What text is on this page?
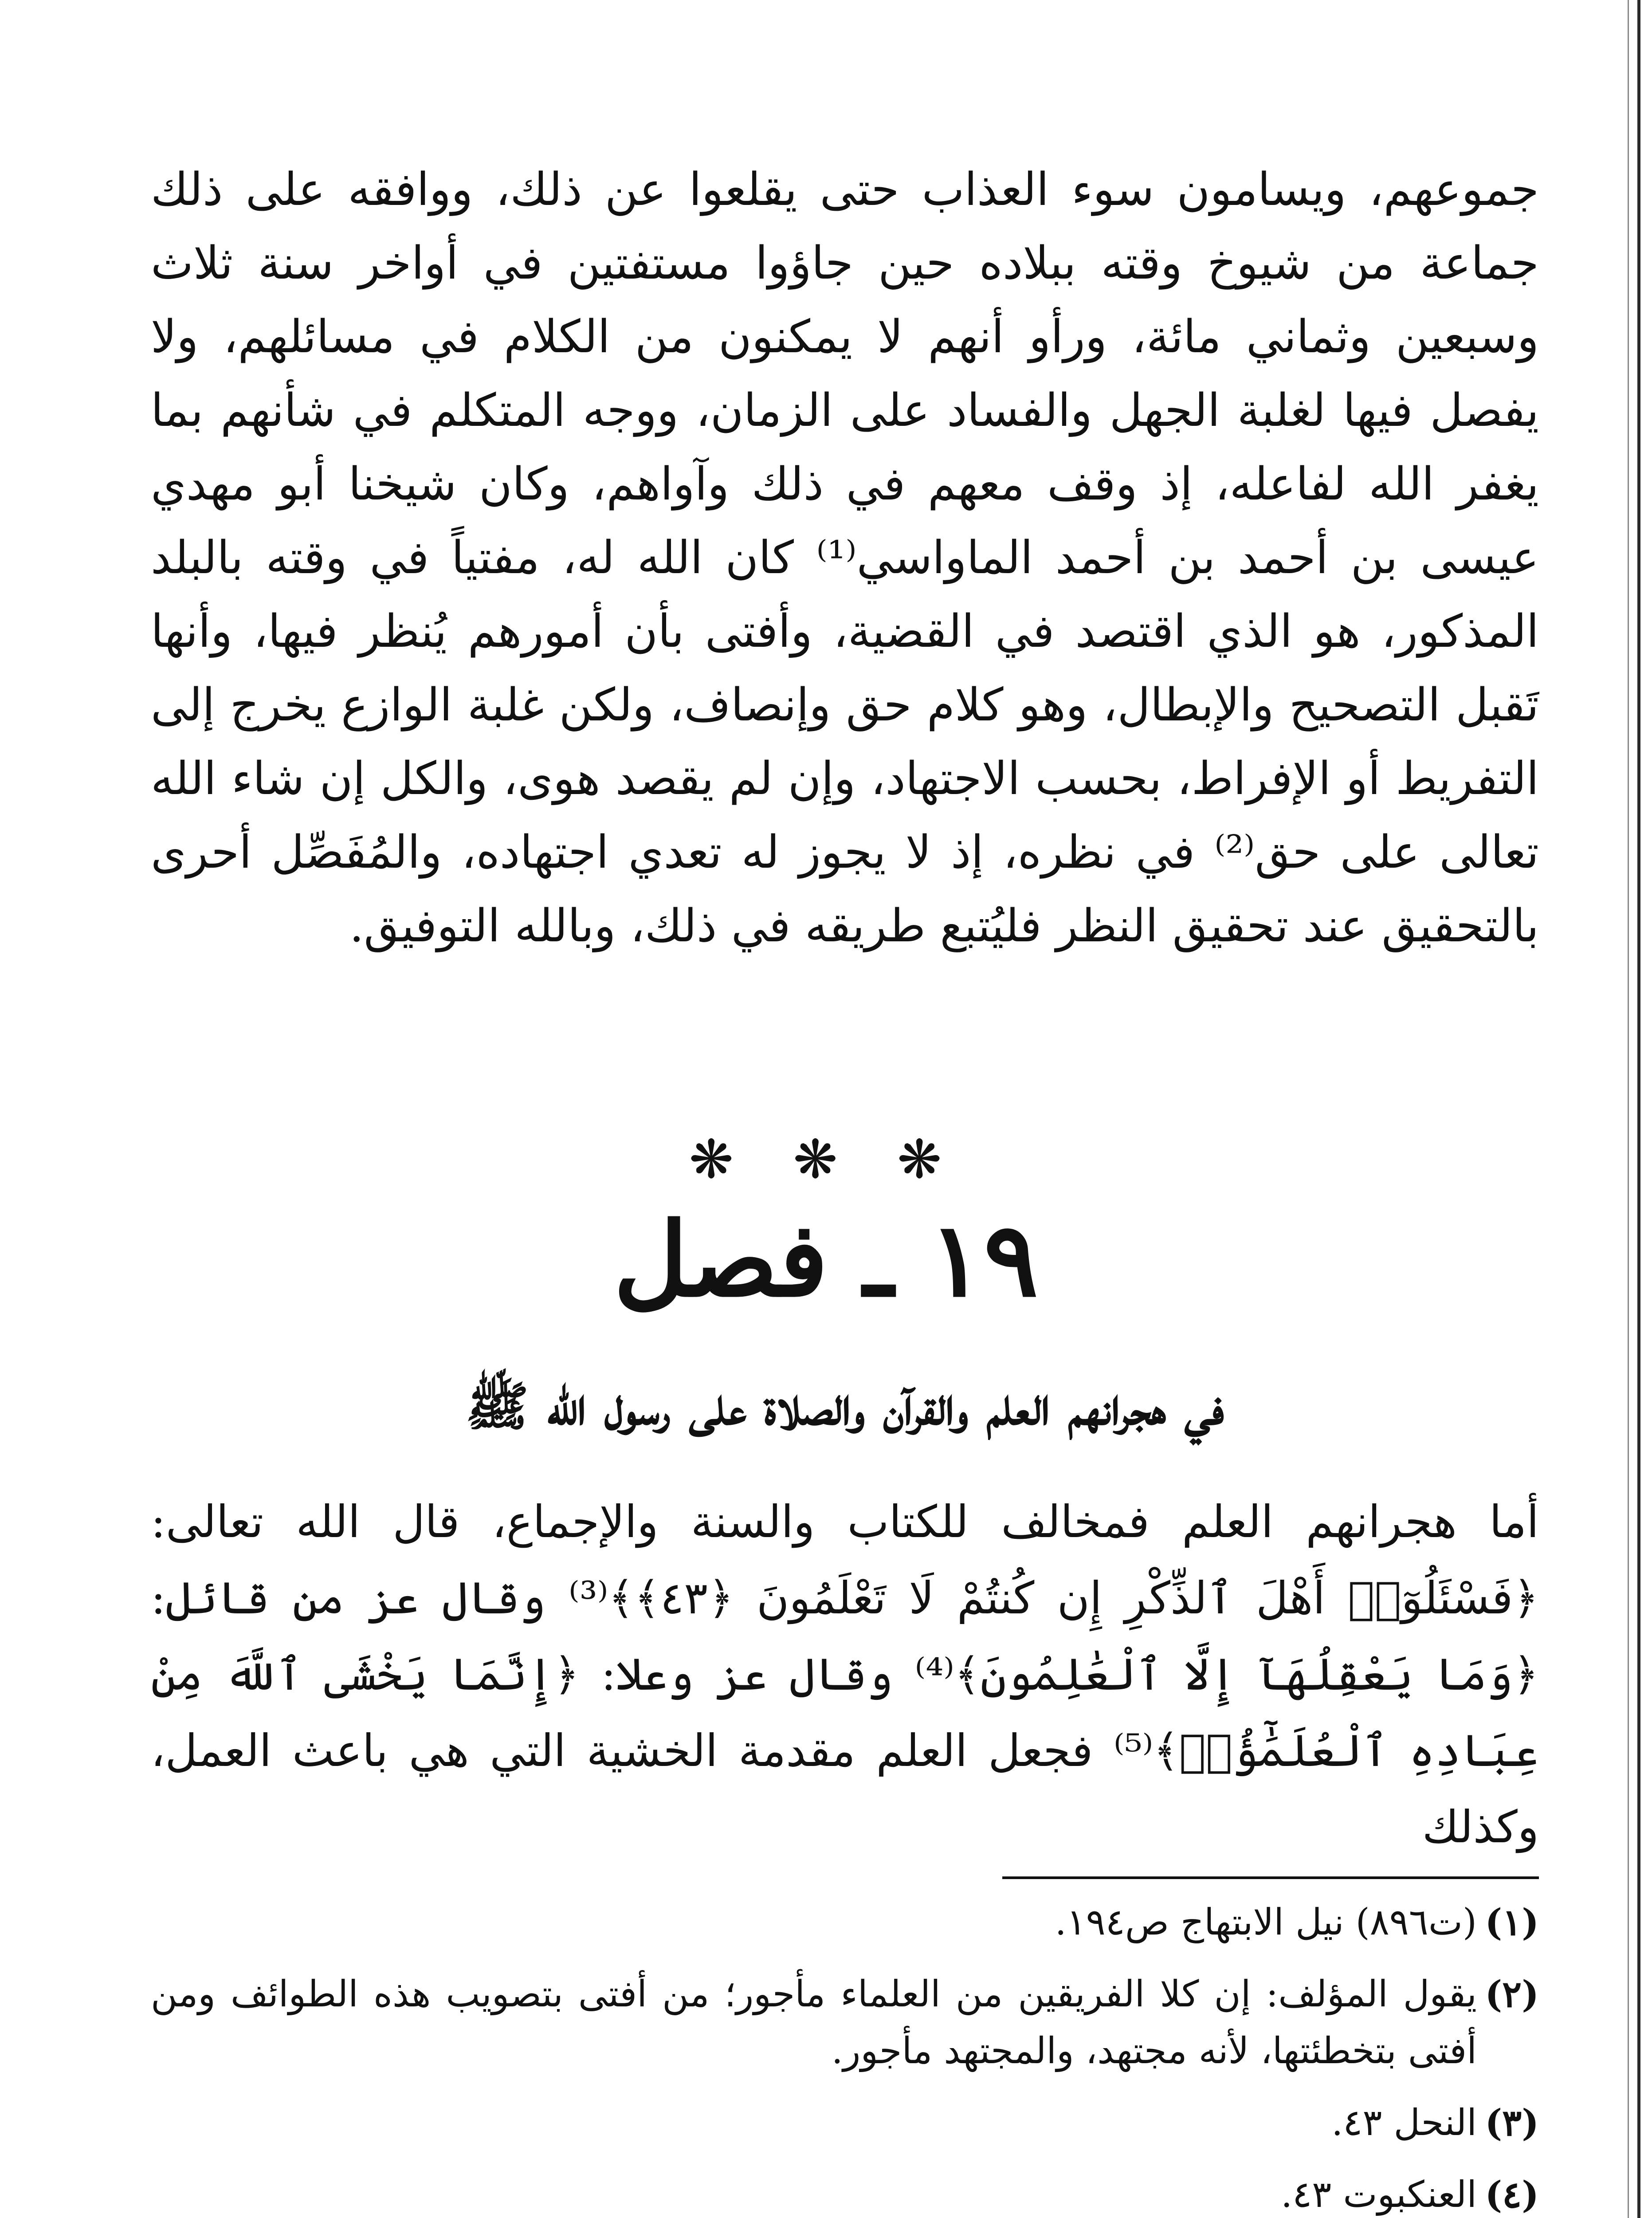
جموعهم، ويسامون سوء العذاب حتى يقلعوا عن ذلك، ووافقه على ذلك جماعة من شيوخ وقته ببلاده حين جاؤوا مستفتين في أواخر سنة ثلاث وسبعين وثماني مائة، ورأو أنهم لا يمكنون من الكلام في مسائلهم، ولا يفصل فيها لغلبة الجهل والفساد على الزمان، ووجه المتكلم في شأنهم بما يغفر الله لفاعله، إذ وقف معهم في ذلك وآواهم، وكان شيخنا أبو مهدي عيسى بن أحمد بن أحمد الماواسي⁽¹⁾ كان الله له، مفتياً في وقته بالبلد المذكور، هو الذي اقتصد في القضية، وأفتى بأن أمورهم يُنظر فيها، وأنها تَقبل التصحيح والإبطال، وهو كلام حق وإنصاف، ولكن غلبة الوازع يخرج إلى التفريط أو الإفراط، بحسب الاجتهاد، وإن لم يقصد هوى، والكل إن شاء الله تعالى على حق⁽²⁾ في نظره، إذ لا يجوز له تعدي اجتهاده، والمُفَصِّل أحرى بالتحقيق عند تحقيق النظر فليُتبع طريقه في ذلك، وبالله التوفيق.

❋ ❋ ❋
١٩ ـ فصل
في هجرانهم العلم والقرآن والصلاة على رسول الله ﷺ

أما هجرانهم العلم فمخالف للكتاب والسنة والإجماع، قال الله تعالى: ﴿فَسْئَلُوٓا۟ أَهْلَ ٱلذِّكْرِ إِن كُنتُمْ لَا تَعْلَمُونَ ﴿٤٣﴾﴾⁽³⁾ وقال عز من قائل: ﴿وَمَا يَعْقِلُهَآ إِلَّا ٱلْعَٰلِمُونَ﴾⁽⁴⁾ وقال عز وعلا: ﴿إِنَّمَا يَخْشَى ٱللَّهَ مِنْ عِبَادِهِ ٱلْعُلَمَٰٓؤُا۟﴾⁽⁵⁾ فجعل العلم مقدمة الخشية التي هي باعث العمل، وكذلك

(١)
(ت٨٩٦) نيل الابتهاج ص١٩٤.
(٢)
يقول المؤلف: إن كلا الفريقين من العلماء مأجور؛ من أفتى بتصويب هذه الطوائف ومن أفتى بتخطئتها، لأنه مجتهد، والمجتهد مأجور.
(٣)
النحل ٤٣.
(٤)
العنكبوت ٤٣.
